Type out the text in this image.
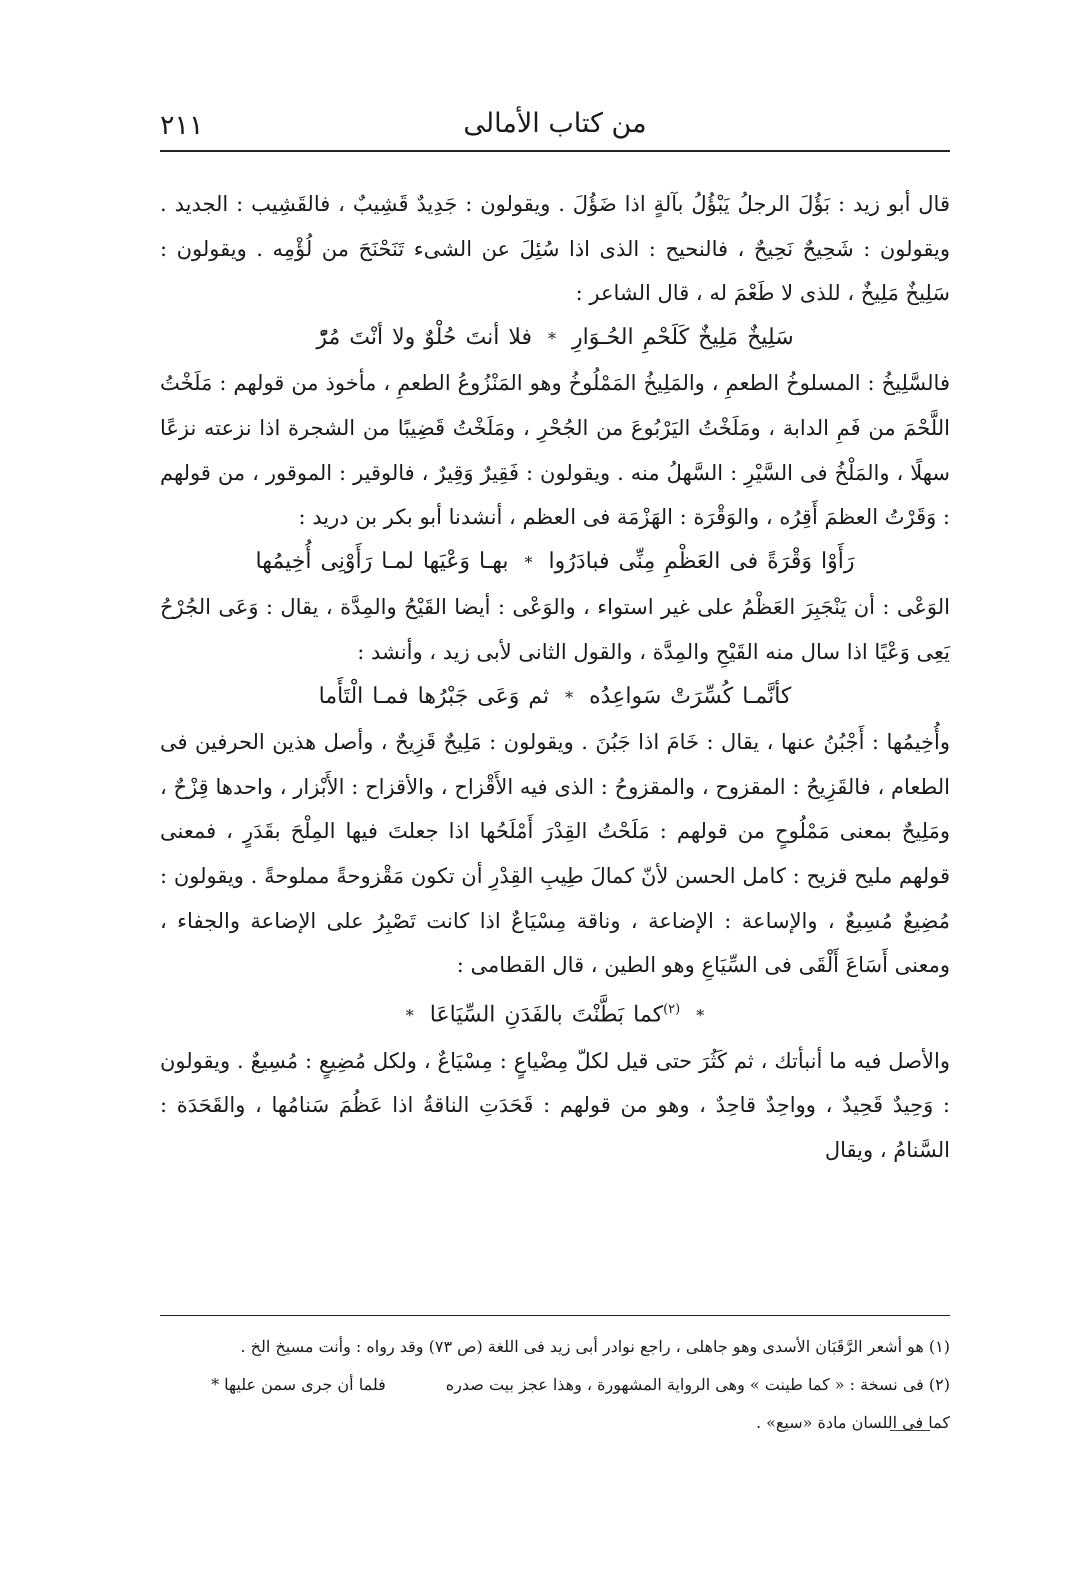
٢١١	من كتاب الأمالى

قال أبو زيد : بَؤُلَ الرجلُ يَبْؤُلُ بآلةٍ اذا ضَؤُلَ . ويقولون : جَدِيدٌ قَشِيبٌ ، فالقَشِيب : الجديد . ويقولون : شَحِيحٌ نَحِيحٌ ، فالنحيح : الذى اذا سُئِلَ عن الشىء تَنَحْنَحَ من لُؤْمِه . ويقولون : سَلِيخٌ مَلِيخٌ ، للذى لا طَعْمَ له ، قال الشاعر :

سَلِيخٌ مَلِيخٌ كَلَحْمِ الحُـوَارِ*فلا أنتَ حُلْوٌ ولا أنْتَ مُرّْ

فالسَّلِيخُ : المسلوخُ الطعمِ ، والمَلِيخُ المَمْلُوخُ وهو المَنْزُوعُ الطعمِ ، مأخوذ من قولهم : مَلَخْتُ اللَّحْمَ من فَمِ الدابة ، ومَلَخْتُ اليَرْبُوعَ من الجُحْرِ ، ومَلَخْتُ قَضِيبًا من الشجرة اذا نزعته نزعًا سهلًا ، والمَلْخُ فى السَّيْرِ : السَّهلُ منه . ويقولون : فَقِيرٌ وَقِيرٌ ، فالوقير : الموقور ، من قولهم : وَقَرْتُ العظمَ أَقِرُه ، والوَقْرَة : الهَزْمَة فى العظم ، أنشدنا أبو بكر بن دريد :

رَأَوْا وَقْرَةً فى العَظْمِ مِنِّى فبادَرُوا*بهـا وَعْيَها لمـا رَأَوْنِى أُخِيمُها

الوَعْى : أن يَنْجَبِرَ العَظْمُ على غير استواء ، والوَعْى : أيضا القَيْحُ والمِدَّة ، يقال : وَعَى الجُرْحُ يَعِى وَعْيًا اذا سال منه القَيْحِ والمِدَّة ، والقول الثانى لأبى زيد ، وأنشد :

كأنَّمـا كُسِّرَتْ سَواعِدُه*ثم وَعَى جَبْرُها فمـا الْتَأَما

وأُخِيمُها : أَجْبُنُ عنها ، يقال : خَامَ اذا جَبُنَ . ويقولون : مَلِيحٌ قَزِيحٌ ، وأصل هذين الحرفين فى الطعام ، فالقَزِيحُ : المقزوح ، والمقزوحُ : الذى فيه الأَقْزاح ، والأقزاح : الأَبْزار ، واحدها قِزْحٌ ، ومَلِيحٌ بمعنى مَمْلُوحٍ من قولهم : مَلَحْتُ القِدْرَ أَمْلَحُها اذا جعلتَ فيها المِلْحَ بقَدَرٍ ، فمعنى قولهم مليح قزيح : كامل الحسن لأنّ كمالَ طِيبِ القِدْرِ أن تكون مَقْزوحةً مملوحةً . ويقولون : مُضِيعٌ مُسِيعٌ ، والإساعة : الإضاعة ، وناقة مِسْيَاعٌ اذا كانت تَصْبِرُ على الإضاعة والجفاء ، ومعنى أَسَاعَ أَلْقَى فى السِّيَاعِ وهو الطين ، قال القطامى :

*$^{(٢)}$كما بَطَّنْتَ بالفَدَنِ السِّيَاعَا*

والأصل فيه ما أنبأتك ، ثم كَثُرَ حتى قيل لكلّ مِضْياعٍ : مِسْيَاعٌ ، ولكل مُضِيعٍ : مُسِيعٌ . ويقولون : وَحِيدٌ قَحِيدٌ ، وواحِدٌ قاحِدٌ ، وهو من قولهم : قَحَدَتِ الناقةُ اذا عَظُمَ سَنامُها ، والقَحَدَة : السَّنامُ ، ويقال

(١) هو أشعر الرَّقَبَان الأسدى وهو جاهلى ، راجع نوادر أبى زيد فى اللغة (ص ٧٣) وقد رواه : وأنت مسيخ الخ .

(٢) فى نسخة : « كما طينت » وهى الرواية المشهورة ، وهذا عجز بيت صدرهفلما أن جرى سمن عليها *

كما فى اللسان مادة «سيع» .
